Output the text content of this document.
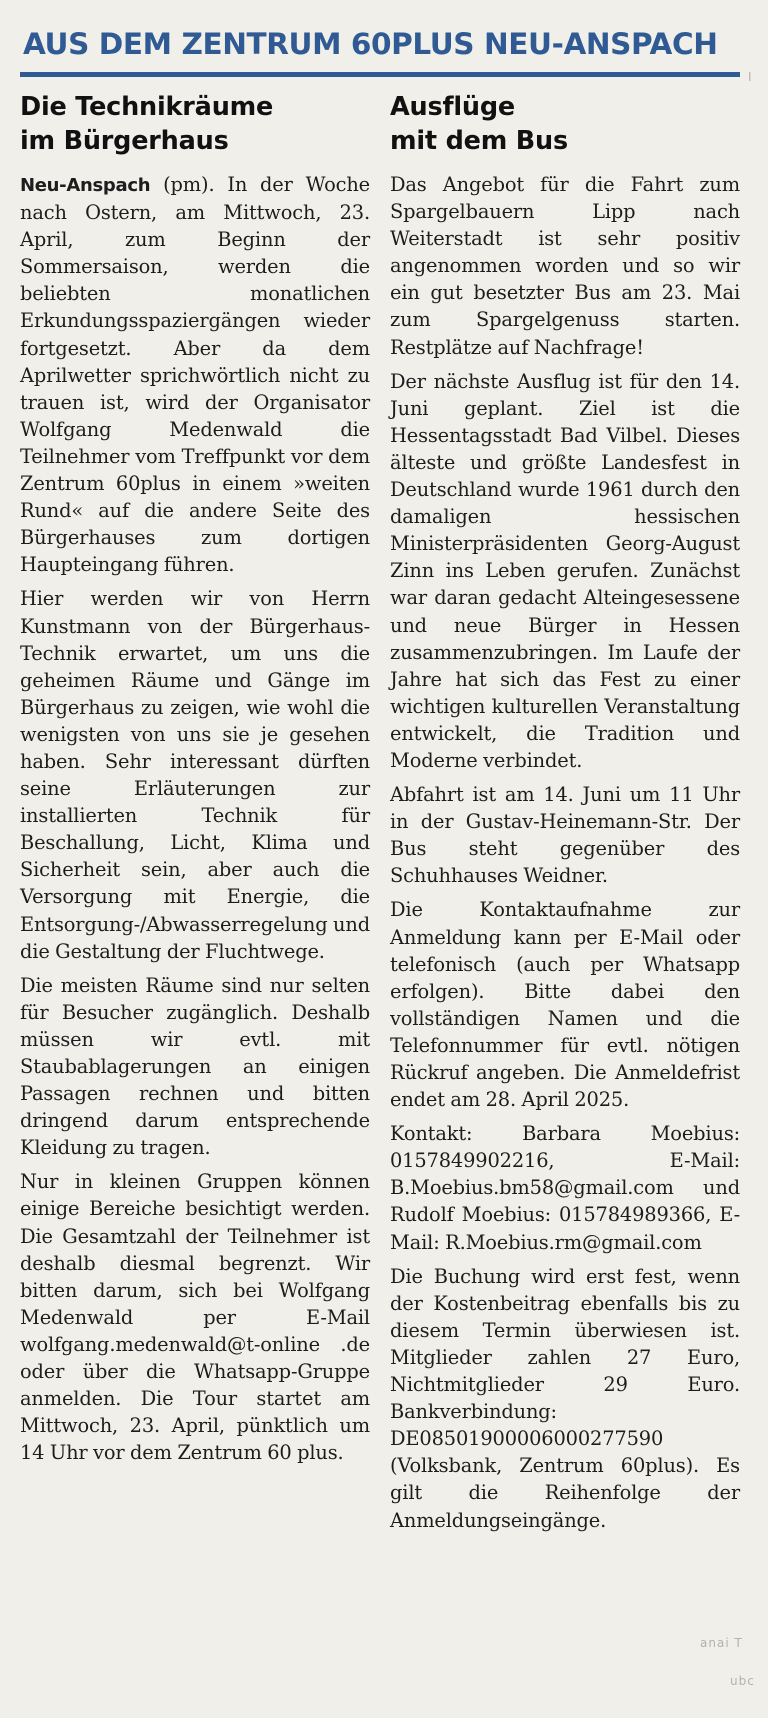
AUS DEM ZENTRUM 60PLUS NEU-ANSPACH
Die Technikräume
im Bürgerhaus

Neu-Anspach (pm). In der Woche nach Ostern, am Mittwoch, 23. April, zum Beginn der Sommersaison, werden die beliebten monatlichen Erkundungsspaziergängen wieder fortgesetzt. Aber da dem Aprilwetter sprichwörtlich nicht zu trauen ist, wird der Organisator Wolfgang Medenwald die Teilnehmer vom Treffpunkt vor dem Zentrum 60plus in einem »weiten Rund« auf die andere Seite des Bürgerhauses zum dortigen Haupteingang führen.

Hier werden wir von Herrn Kunstmann von der Bürgerhaus-Technik erwartet, um uns die geheimen Räume und Gänge im Bürgerhaus zu zeigen, wie wohl die wenigsten von uns sie je gesehen haben. Sehr interessant dürften seine Erläuterungen zur installierten Technik für Beschallung, Licht, Klima und Sicherheit sein, aber auch die Versorgung mit Energie, die Entsorgung-/Abwasserregelung und die Gestaltung der Fluchtwege.

Die meisten Räume sind nur selten für Besucher zugänglich. Deshalb müssen wir evtl. mit Staubablagerungen an einigen Passagen rechnen und bitten dringend darum entsprechende Kleidung zu tragen.

Nur in kleinen Gruppen können einige Bereiche besichtigt werden. Die Gesamtzahl der Teilnehmer ist deshalb diesmal begrenzt. Wir bitten darum, sich bei Wolfgang Medenwald per E-Mail wolfgang.medenwald@t-online .de oder über die Whatsapp-Gruppe anmelden. Die Tour startet am Mittwoch, 23. April, pünktlich um 14 Uhr vor dem Zentrum 60 plus.

Ausflüge
mit dem Bus

Das Angebot für die Fahrt zum Spargelbauern Lipp nach Weiterstadt ist sehr positiv angenommen worden und so wir ein gut besetzter Bus am 23. Mai zum Spargelgenuss starten. Restplätze auf Nachfrage!

Der nächste Ausflug ist für den 14. Juni geplant. Ziel ist die Hessentagsstadt Bad Vilbel. Dieses älteste und größte Landesfest in Deutschland wurde 1961 durch den damaligen hessischen Ministerpräsidenten Georg-August Zinn ins Leben gerufen. Zunächst war daran gedacht Alteingesessene und neue Bürger in Hessen zusammenzubringen. Im Laufe der Jahre hat sich das Fest zu einer wichtigen kulturellen Veranstaltung entwickelt, die Tradition und Moderne verbindet.

Abfahrt ist am 14. Juni um 11 Uhr in der Gustav-Heinemann-Str. Der Bus steht gegenüber des Schuhhauses Weidner.

Die Kontaktaufnahme zur Anmeldung kann per E-Mail oder telefonisch (auch per Whatsapp erfolgen). Bitte dabei den vollständigen Namen und die Telefonnummer für evtl. nötigen Rückruf angeben. Die Anmeldefrist endet am 28. April 2025.

Kontakt: Barbara Moebius: 0157849902216, E-Mail: B.Moebius.bm58@gmail.com und Rudolf Moebius: 015784989366, E-Mail: R.Moebius.rm@gmail.com

Die Buchung wird erst fest, wenn der Kostenbeitrag ebenfalls bis zu diesem Termin überwiesen ist. Mitglieder zahlen 27 Euro, Nichtmitglieder 29 Euro. Bankverbindung: DE08501900006000277590 (Volksbank, Zentrum 60plus). Es gilt die Reihenfolge der Anmeldungseingänge.

I
anai T
ubc
